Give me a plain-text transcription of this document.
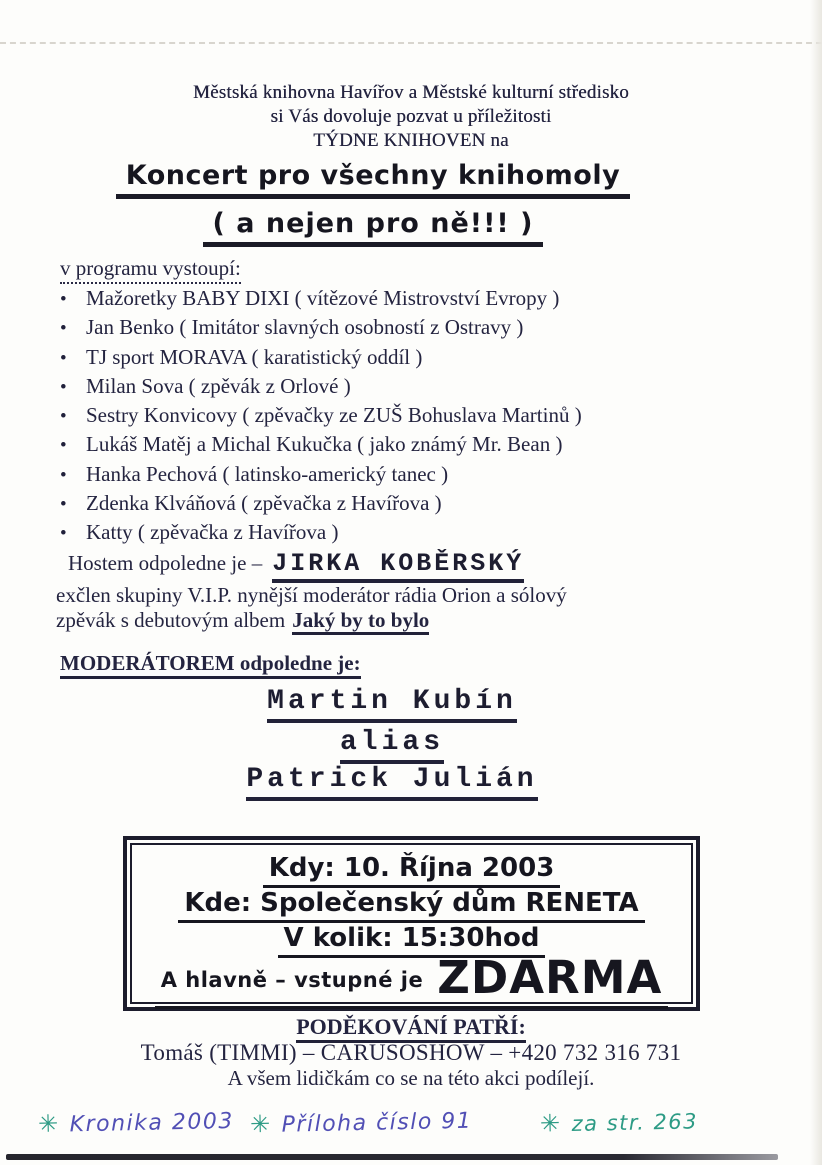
Městská knihovna Havířov a Městské kulturní středisko
si Vás dovoluje pozvat u příležitosti
TÝDNE KNIHOVEN na
Koncert pro všechny knihomoly
( a nejen pro ně!!! )
v programu vystoupí:
• Mažoretky BABY DIXI ( vítězové Mistrovství Evropy )
• Jan Benko ( Imitátor slavných osobností z Ostravy )
• TJ sport MORAVA ( karatistický oddíl )
• Milan Sova ( zpěvák z Orlové )
• Sestry Konvicovy ( zpěvačky ze ZUŠ Bohuslava Martinů )
• Lukáš Matěj a Michal Kukučka ( jako známý Mr. Bean )
• Hanka Pechová ( latinsko-americký tanec )
• Zdenka Klváňová ( zpěvačka z Havířova )
• Katty ( zpěvačka z Havířova )
Hostem odpoledne je – JIRKA KOBĚRSKÝ
exčlen skupiny V.I.P. nynější moderátor rádia Orion a sólový
zpěvák s debutovým albem Jaký by to bylo
MODERÁTOREM odpoledne je:
Martin Kubín
alias
Patrick Julián
Kdy: 10. Října 2003
Kde: Společenský dům RENETA
V kolik: 15:30hod
A hlavně – vstupné je ZDARMA
PODĚKOVÁNÍ PATŘÍ:
Tomáš (TIMMI) – CARUSOSHOW – +420 732 316 731
A všem lidičkám co se na této akci podílejí.
✳ Kronika 2003 ✳ Příloha číslo 91	✳ za str. 263
